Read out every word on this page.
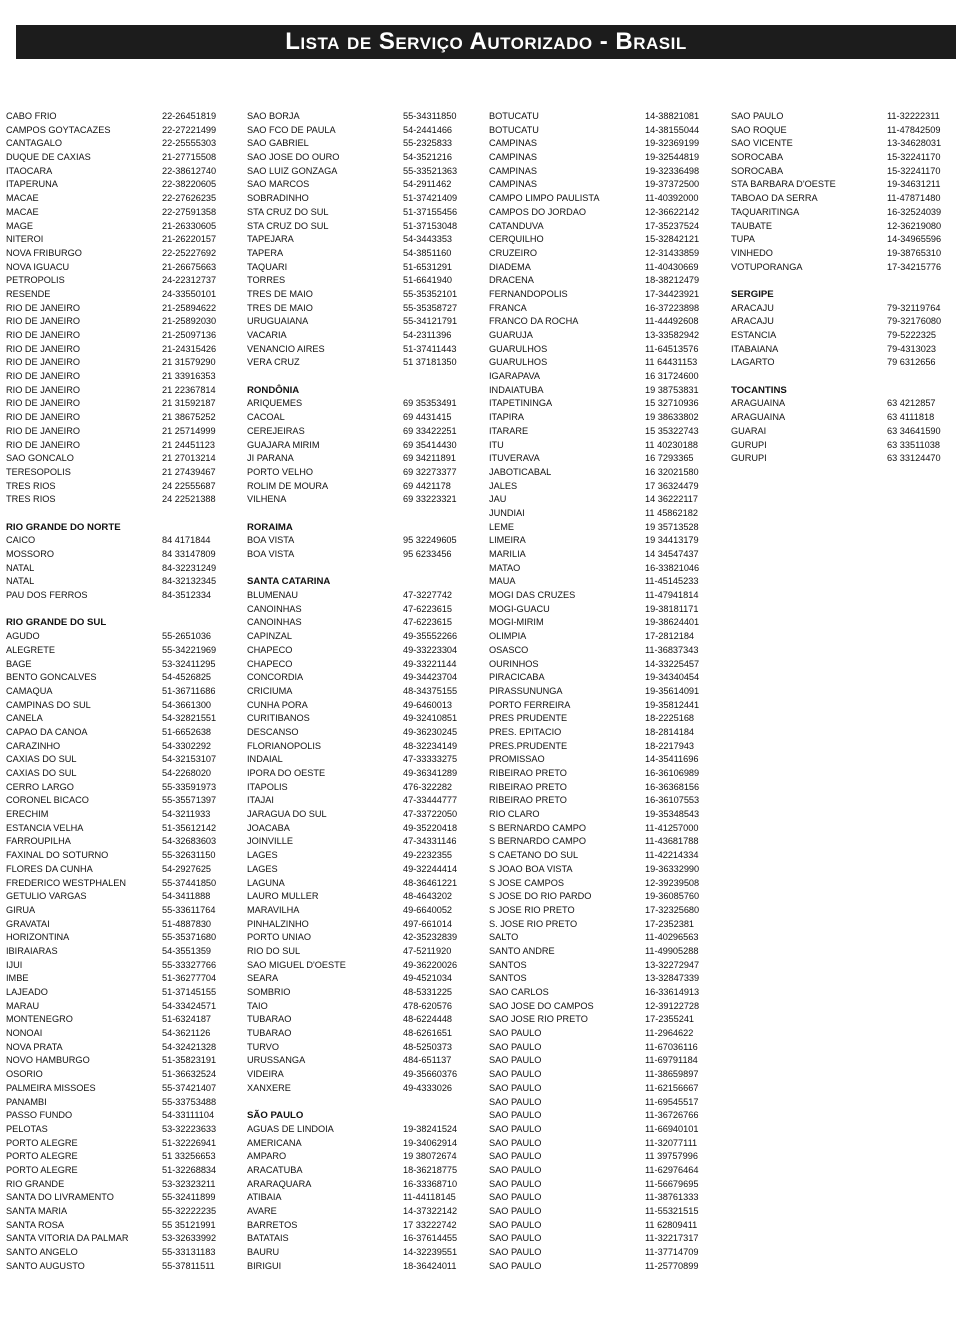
Lista de Serviço Autorizado - Brasil
CABO FRIO	22-26451819
CAMPOS GOYTACAZES	22-27221499
CANTAGALO	22-25555303
DUQUE DE CAXIAS	21-27715508
ITAOCARA	22-38612740
ITAPERUNA	22-38220605
MACAE	22-27626235
MACAE	22-27591358
MAGE	21-26330605
NITEROI	21-26220157
NOVA FRIBURGO	22-25227692
NOVA IGUACU	21-26675663
PETROPOLIS	24-22312737
RESENDE	24-33550101
RIO DE JANEIRO	21-25894622
RIO DE JANEIRO	21-25892030
RIO DE JANEIRO	21-25097136
RIO DE JANEIRO	21-24315426
RIO DE JANEIRO	21 31579290
RIO DE JANEIRO	21 33916353
RIO DE JANEIRO	21 22367814
RIO DE JANEIRO	21 31592187
RIO DE JANEIRO	21 38675252
RIO DE JANEIRO	21 25714999
RIO DE JANEIRO	21 24451123
SAO GONCALO	21 27013214
TERESOPOLIS	21 27439467
TRES RIOS	24 22555687
TRES RIOS	24 22521388
RIO GRANDE DO NORTE
CAICO	84 4171844
MOSSORO	84 33147809
NATAL	84-32231249
NATAL	84-32132345
PAU DOS FERROS	84-3512334
RIO GRANDE DO SUL
AGUDO	55-2651036
ALEGRETE	55-34221969
BAGE	53-32411295
BENTO GONCALVES	54-4526825
CAMAQUA	51-36711686
CAMPINAS DO SUL	54-3661300
CANELA	54-32821551
CAPAO DA CANOA	51-6652638
CARAZINHO	54-3302292
CAXIAS DO SUL	54-32153107
CAXIAS DO SUL	54-2268020
CERRO LARGO	55-33591973
CORONEL BICACO	55-35571397
ERECHIM	54-3211933
ESTANCIA VELHA	51-35612142
FARROUPILHA	54-32683603
FAXINAL DO SOTURNO	55-32631150
FLORES DA CUNHA	54-2927625
FREDERICO WESTPHALEN	55-37441850
GETULIO VARGAS	54-3411888
GIRUA	55-33611764
GRAVATAI	51-4887830
HORIZONTINA	55-35371680
IBIRAIARAS	54-3551359
IJUI	55-33327766
IMBE	51-36277704
LAJEADO	51-37145155
MARAU	54-33424571
MONTENEGRO	51-6324187
NONOAI	54-3621126
NOVA PRATA	54-32421328
NOVO HAMBURGO	51-35823191
OSORIO	51-36632524
PALMEIRA MISSOES	55-37421407
PANAMBI	55-33753488
PASSO FUNDO	54-33111104
PELOTAS	53-32223633
PORTO ALEGRE	51-32226941
PORTO ALEGRE	51 33256653
PORTO ALEGRE	51-32268834
RIO GRANDE	53-32323211
SANTA DO LIVRAMENTO	55-32411899
SANTA MARIA	55-32222235
SANTA ROSA	55 35121991
SANTA VITORIA DA PALMAR	53-32633992
SANTO ANGELO	55-33131183
SANTO AUGUSTO	55-37811511
SAO BORJA	55-34311850
SAO FCO DE PAULA	54-2441466
SAO GABRIEL	55-2325833
SAO JOSE DO OURO	54-3521216
SAO LUIZ GONZAGA	55-33521363
SAO MARCOS	54-2911462
SOBRADINHO	51-37421409
STA CRUZ DO SUL	51-37155456
STA CRUZ DO SUL	51-37153048
TAPEJARA	54-3443353
TAPERA	54-3851160
TAQUARI	51-6531291
TORRES	51-6641940
TRES DE MAIO	55-35352101
TRES DE MAIO	55-35358727
URUGUAIANA	55-34121791
VACARIA	54-2311396
VENANCIO AIRES	51-37411443
VERA CRUZ	51 37181350
RONDÔNIA
ARIQUEMES	69 35353491
CACOAL	69 4431415
CEREJEIRAS	69 33422251
GUAJARA MIRIM	69 35414430
JI PARANA	69 34211891
PORTO VELHO	69 32273377
ROLIM DE MOURA	69 4421178
VILHENA	69 33223321
RORAIMA
BOA VISTA	95 32249605
BOA VISTA	95 6233456
SANTA CATARINA
BLUMENAU	47-3227742
CANOINHAS	47-6223615
CANOINHAS	47-6223615
CAPINZAL	49-35552266
CHAPECO	49-33223304
CHAPECO	49-33221144
CONCORDIA	49-34423704
CRICIUMA	48-34375155
CUNHA PORA	49-6460013
CURITIBANOS	49-32410851
DESCANSO	49-36230245
FLORIANOPOLIS	48-32234149
INDAIAL	47-33333275
IPORA DO OESTE	49-36341289
ITAPOLIS	476-322282
ITAJAI	47-33444777
JARAGUA DO SUL	47-33722050
JOACABA	49-35220418
JOINVILLE	47-34331146
LAGES	49-2232355
LAGES	49-32244414
LAGUNA	48-36461221
LAURO MULLER	48-4643202
MARAVILHA	49-6640052
PINHALZINHO	497-661014
PORTO UNIAO	42-35232839
RIO DO SUL	47-5211920
SAO MIGUEL D'OESTE	49-36220026
SEARA	49-4521034
SOMBRIO	48-5331225
TAIO	478-620576
TUBARAO	48-6224448
TUBARAO	48-6261651
TURVO	48-5250373
URUSSANGA	484-651137
VIDEIRA	49-35660376
XANXERE	49-4333026
SÃO PAULO
AGUAS DE LINDOIA	19-38241524
AMERICANA	19-34062914
AMPARO	19 38072674
ARACATUBA	18-36218775
ARARAQUARA	16-33368710
ATIBAIA	11-44118145
AVARE	14-37322142
BARRETOS	17 33222742
BATATAIS	16-37614455
BAURU	14-32239551
BIRIGUI	18-36424011
BOTUCATU	14-38821081
BOTUCATU	14-38155044
CAMPINAS	19-32369199
CAMPINAS	19-32544819
CAMPINAS	19-32336498
CAMPINAS	19-37372500
CAMPO LIMPO PAULISTA	11-40392000
CAMPOS DO JORDAO	12-36622142
CATANDUVA	17-35237524
CERQUILHO	15-32842121
CRUZEIRO	12-31433859
DIADEMA	11-40430669
DRACENA	18-38212479
FERNANDOPOLIS	17-34423921
FRANCA	16-37223898
FRANCO DA ROCHA	11-44492608
GUARUJA	13-33582942
GUARULHOS	11-64513576
GUARULHOS	11 64431153
IGARAPAVA	16 31724600
INDAIATUBA	19 38753831
ITAPETININGA	15 32710936
ITAPIRA	19 38633802
ITARARE	15 35322743
ITU	11 40230188
ITUVERAVA	16 7293365
JABOTICABAL	16 32021580
JALES	17 36324479
JAU	14 36222117
JUNDIAI	11 45862182
LEME	19 35713528
LIMEIRA	19 34413179
MARILIA	14 34547437
MATAO	16-33821046
MAUA	11-45145233
MOGI DAS CRUZES	11-47941814
MOGI-GUACU	19-38181171
MOGI-MIRIM	19-38624401
OLIMPIA	17-2812184
OSASCO	11-36837343
OURINHOS	14-33225457
PIRACICABA	19-34340454
PIRASSUNUNGA	19-35614091
PORTO FERREIRA	19-35812441
PRES PRUDENTE	18-2225168
PRES. EPITACIO	18-2814184
PRES.PRUDENTE	18-2217943
PROMISSAO	14-35411696
RIBEIRAO PRETO	16-36106989
RIBEIRAO PRETO	16-36368156
RIBEIRAO PRETO	16-36107553
RIO CLARO	19-35348543
S BERNARDO CAMPO	11-41257000
S BERNARDO CAMPO	11-43681788
S CAETANO DO SUL	11-42214334
S JOAO BOA VISTA	19-36332990
S JOSE CAMPOS	12-39239508
S JOSE DO RIO PARDO	19-36085760
S JOSE RIO PRETO	17-32325680
S. JOSE RIO PRETO	17-2352381
SALTO	11-40296563
SANTO ANDRE	11-49905288
SANTOS	13-32272947
SANTOS	13-32847339
SAO CARLOS	16-33614913
SAO JOSE DO CAMPOS	12-39122728
SAO JOSE RIO PRETO	17-2355241
SAO PAULO	11-2964622
SAO PAULO	11-67036116
SAO PAULO	11-69791184
SAO PAULO	11-38659897
SAO PAULO	11-62156667
SAO PAULO	11-69545517
SAO PAULO	11-36726766
SAO PAULO	11-66940101
SAO PAULO	11-32077111
SAO PAULO	11 39757996
SAO PAULO	11-62976464
SAO PAULO	11-56679695
SAO PAULO	11-38761333
SAO PAULO	11-55321515
SAO PAULO	11 62809411
SAO PAULO	11-32217317
SAO PAULO	11-37714709
SAO PAULO	11-25770899
SAO PAULO	11-32222311
SAO ROQUE	11-47842509
SAO VICENTE	13-34628031
SOROCABA	15-32241170
SOROCABA	15-32241170
STA BARBARA D'OESTE	19-34631211
TABOAO DA SERRA	11-47871480
TAQUARITINGA	16-32524039
TAUBATE	12-36219080
TUPA	14-34965596
VINHEDO	19-38765310
VOTUPORANGA	17-34215776
SERGIPE
ARACAJU	79-32119764
ARACAJU	79-32176080
ESTANCIA	79-5222325
ITABAIANA	79-4313023
LAGARTO	79 6312656
TOCANTINS
ARAGUAINA	63 4212857
ARAGUAINA	63 4111818
GUARAI	63 34641590
GURUPI	63 33511038
GURUPI	63 33124470
